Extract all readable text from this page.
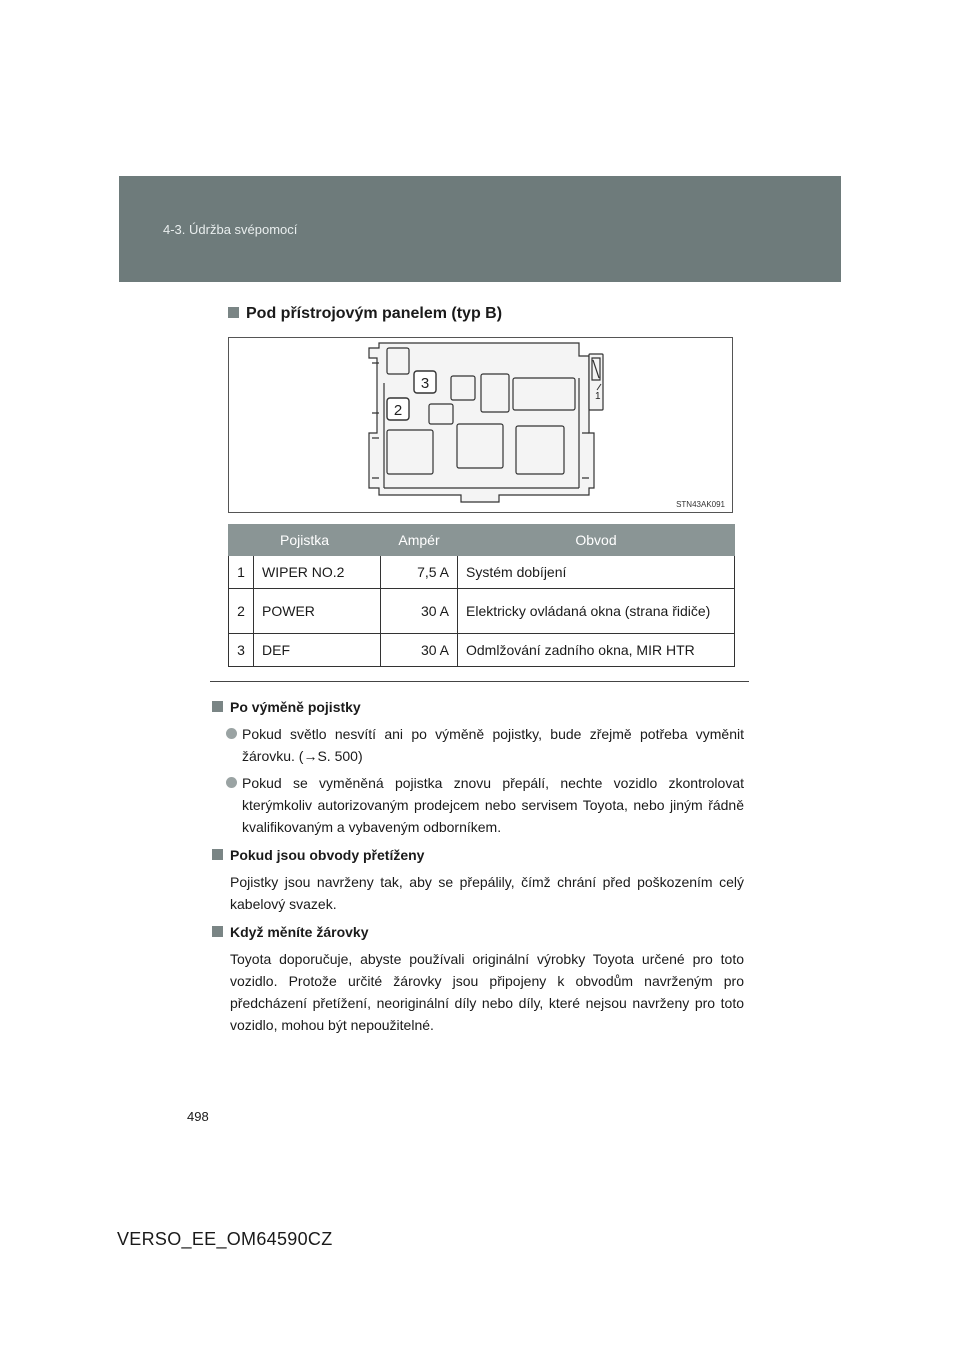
4-3. Údržba svépomocí
Pod přístrojovým panelem (typ B)
3
2
1
STN43AK091
Pojistka		Ampér	Obvod
1	WIPER NO.2	7,5 A	Systém dobíjení
2	POWER	30 A	Elektricky ovládaná okna (strana řidiče)
3	DEF	30 A	Odmlžování zadního okna, MIR HTR
Po výměně pojistky
Pokud světlo nesvítí ani po výměně pojistky, bude zřejmě potřeba vyměnit žárovku. (→S. 500)
Pokud se vyměněná pojistka znovu přepálí, nechte vozidlo zkontrolovat kterýmkoliv autorizovaným prodejcem nebo servisem Toyota, nebo jiným řádně kvalifikovaným a vybaveným odborníkem.
Pokud jsou obvody přetíženy
Pojistky jsou navrženy tak, aby se přepálily, čímž chrání před poškozením celý kabelový svazek.
Když měníte žárovky
Toyota doporučuje, abyste používali originální výrobky Toyota určené pro toto vozidlo. Protože určité žárovky jsou připojeny k obvodům navrženým pro předcházení přetížení, neoriginální díly nebo díly, které nejsou navrženy pro toto vozidlo, mohou být nepoužitelné.
498
VERSO_EE_OM64590CZ
